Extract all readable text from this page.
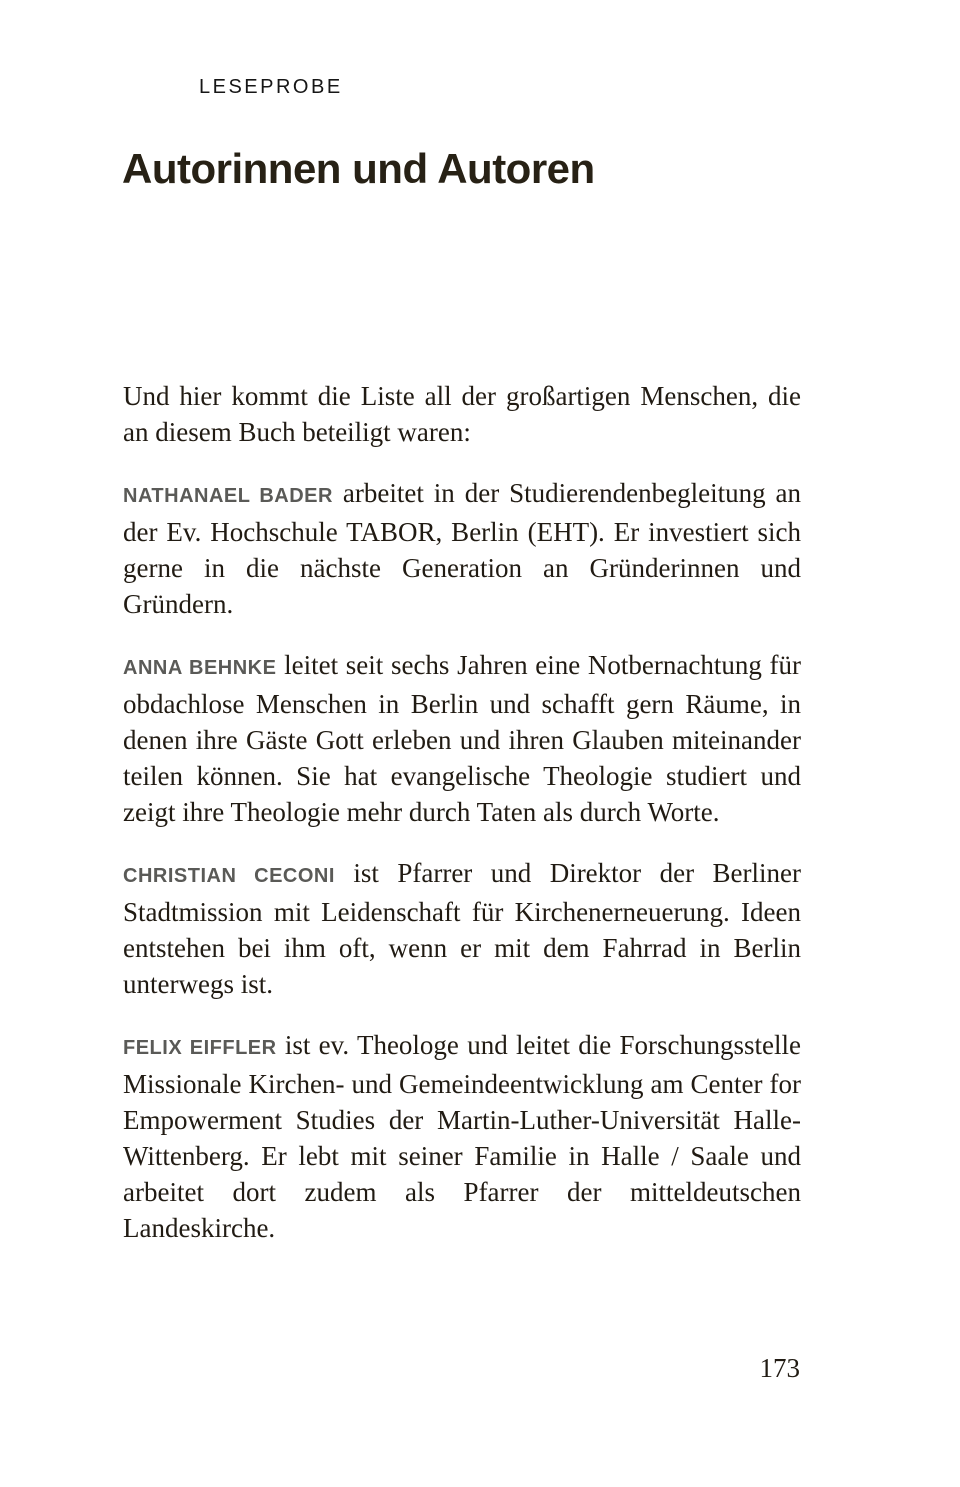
LESEPROBE
Autorinnen und Autoren

Und hier kommt die Liste all der großartigen Menschen, die an diesem Buch beteiligt waren:

NATHANAEL BADER arbeitet in der Studierendenbegleitung an der Ev. Hochschule TABOR, Berlin (EHT). Er investiert sich gerne in die nächste Generation an Gründerinnen und Gründern.

ANNA BEHNKE leitet seit sechs Jahren eine Notbernachtung für obdachlose Menschen in Berlin und schafft gern Räume, in denen ihre Gäste Gott erleben und ihren Glauben miteinander teilen können. Sie hat evangelische Theologie studiert und zeigt ihre Theologie mehr durch Taten als durch Worte.

CHRISTIAN CECONI ist Pfarrer und Direktor der Berliner Stadtmission mit Leidenschaft für Kirchenerneuerung. Ideen entstehen bei ihm oft, wenn er mit dem Fahrrad in Berlin unterwegs ist.

FELIX EIFFLER ist ev. Theologe und leitet die Forschungsstelle Missionale Kirchen- und Gemeindeentwicklung am Center for Empowerment Studies der Martin-Luther-Universität Halle-Wittenberg. Er lebt mit seiner Familie in Halle / Saale und arbeitet dort zudem als Pfarrer der mitteldeutschen Landeskirche.

173
